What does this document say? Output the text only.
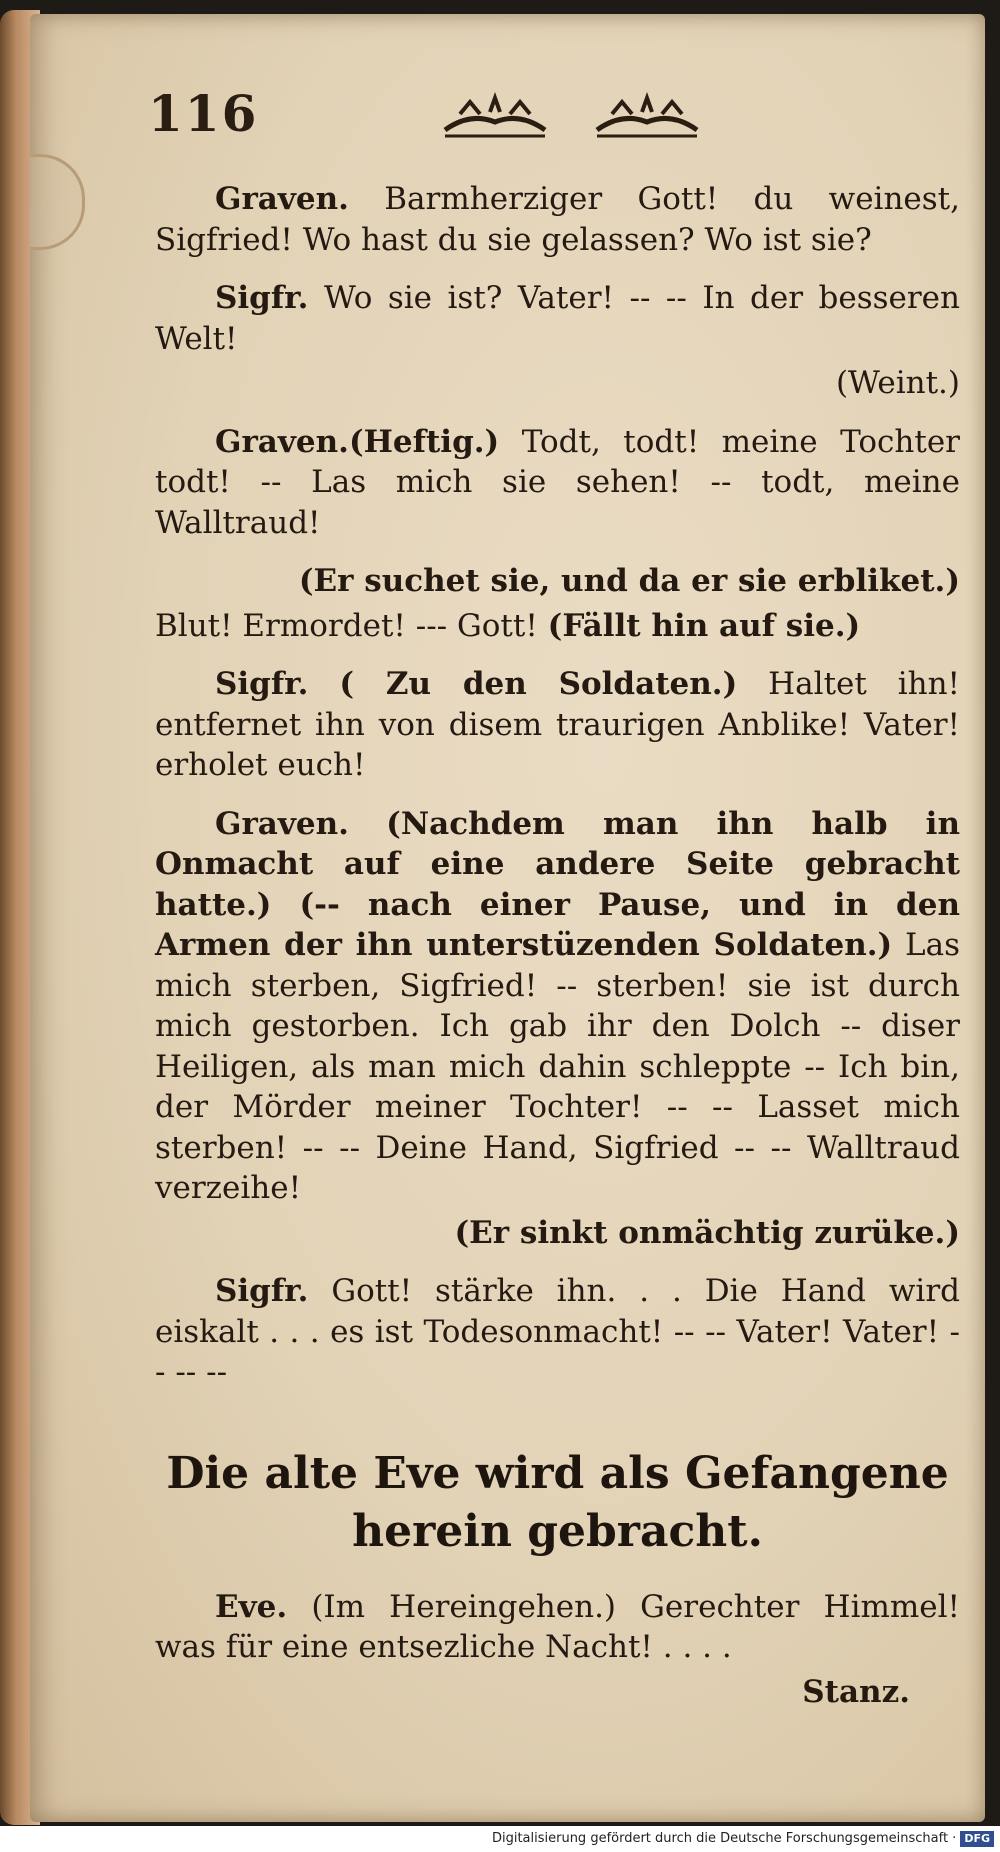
116

Graven. Barmherziger Gott! du weinest, Sigfried! Wo hast du sie gelassen? Wo ist sie?

Sigfr. Wo sie ist? Vater! -- -- In der besseren Welt!

(Weint.)

Graven.(Heftig.) Todt, todt! meine Tochter todt! -- Las mich sie sehen! -- todt, meine Walltraud!

(Er suchet sie, und da er sie erbliket.)

Blut! Ermordet! --- Gott! (Fällt hin auf sie.)

Sigfr. ( Zu den Soldaten.) Haltet ihn! entfernet ihn von disem traurigen Anblike! Vater! erholet euch!

Graven. (Nachdem man ihn halb in Onmacht auf eine andere Seite gebracht hatte.) (-- nach einer Pause, und in den Armen der ihn unterstüzenden Soldaten.) Las mich sterben, Sigfried! -- sterben! sie ist durch mich gestorben. Ich gab ihr den Dolch -- diser Heiligen, als man mich dahin schleppte -- Ich bin, der Mörder meiner Tochter! -- -- Lasset mich sterben! -- -- Deine Hand, Sigfried -- -- Walltraud verzeihe!

(Er sinkt onmächtig zurüke.)

Sigfr. Gott! stärke ihn. . . Die Hand wird eiskalt . . . es ist Todesonmacht! -- -- Vater! Vater! -- -- --

Die alte Eve wird als Gefangene herein gebracht.

Eve. (Im Hereingehen.) Gerechter Himmel! was für eine entsezliche Nacht! . . . .

Stanz.
Digitalisierung gefördert durch die Deutsche Forschungsgemeinschaft · DFG
